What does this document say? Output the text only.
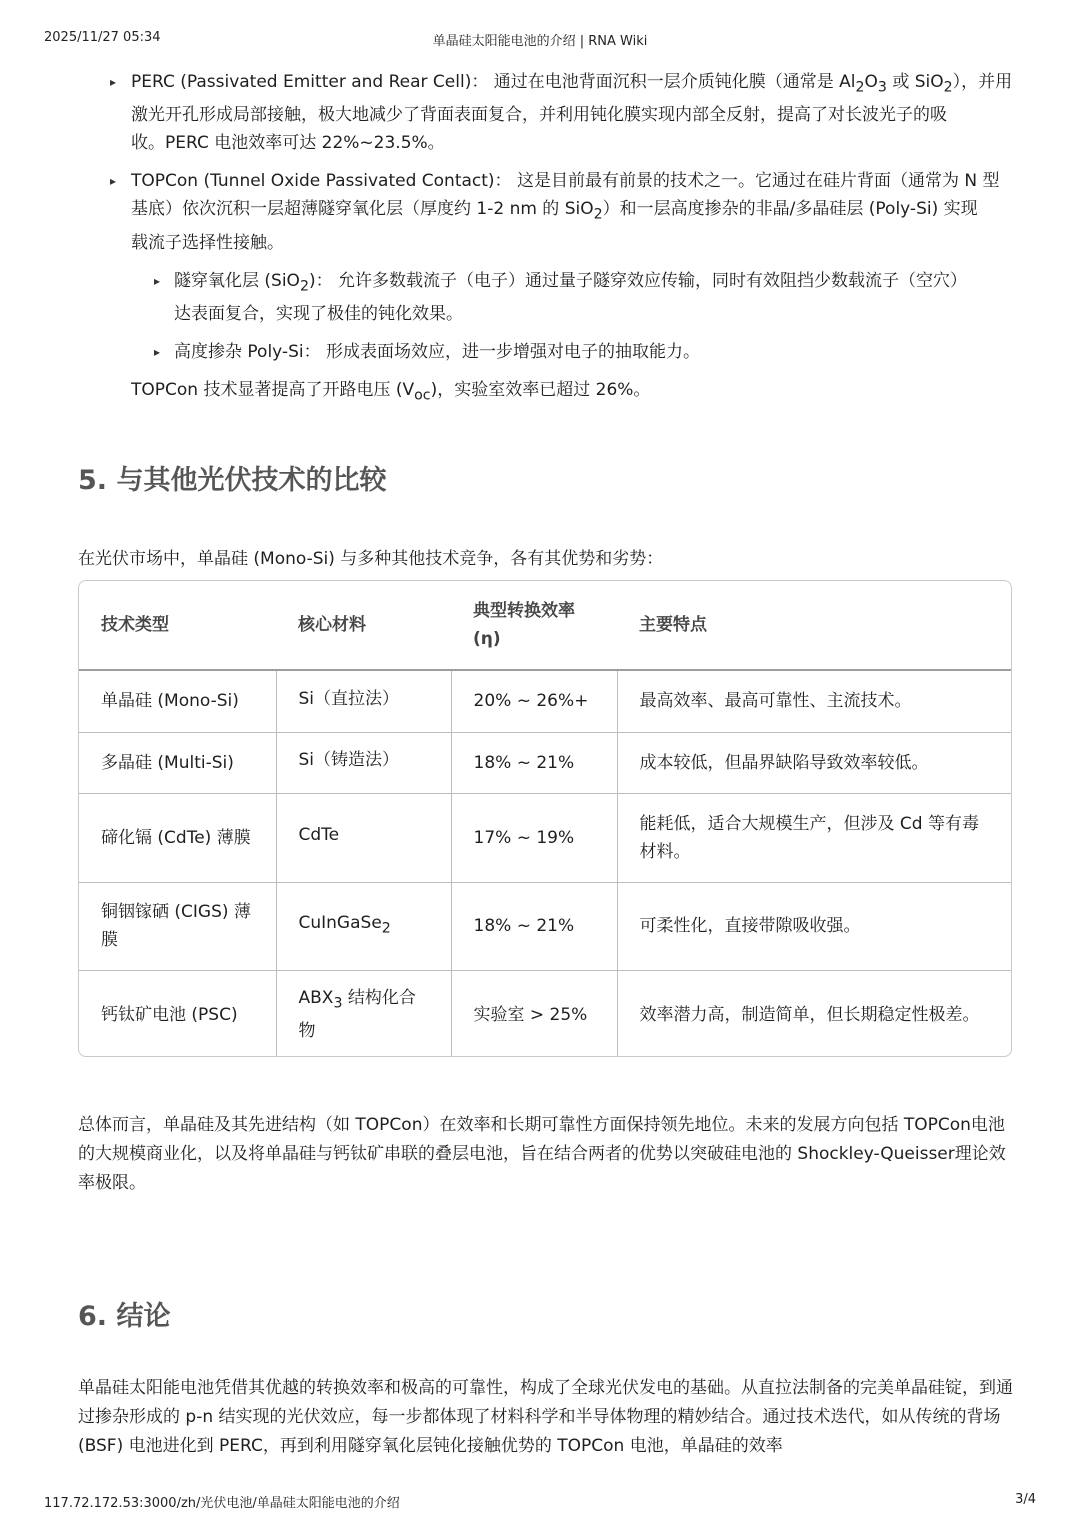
2025/11/27 05:34	单晶硅太阳能电池的介绍 | RNA Wiki
▸ PERC (Passivated Emitter and Rear Cell)： 通过在电池背面沉积一层介质钝化膜（通常是 $Al_2O_3$ 或 SiO$_2$），并用
激光开孔形成局部接触，极大地减少了背面表面复合，并利用钝化膜实现内部全反射，提高了对长波光子的吸
收。PERC 电池效率可达 22%~23.5%。
▸ TOPCon (Tunnel Oxide Passivated Contact)： 这是目前最有前景的技术之一。它通过在硅片背面（通常为 N 型
基底）依次沉积一层超薄隧穿氧化层（厚度约 1-2 nm 的 SiO$_2$）和一层高度掺杂的非晶/多晶硅层 (Poly-Si) 实现
载流子选择性接触。
▸ 隧穿氧化层 (SiO$_2$)： 允许多数载流子（电子）通过量子隧穿效应传输，同时有效阻挡少数载流子（空穴）
达表面复合，实现了极佳的钝化效果。
▸ 高度掺杂 Poly-Si： 形成表面场效应，进一步增强对电子的抽取能力。
TOPCon 技术显著提高了开路电压 $(V_{oc})$，实验室效率已超过 26%。
5. 与其他光伏技术的比较

在光伏市场中，单晶硅 (Mono-Si) 与多种其他技术竞争，各有其优势和劣势：

技术类型	核心材料	典型转换效率 (η)	主要特点
单晶硅 (Mono-Si)	Si（直拉法）	20% ~ 26%+	最高效率、最高可靠性、主流技术。
多晶硅 (Multi-Si)	Si（铸造法）	18% ~ 21%	成本较低，但晶界缺陷导致效率较低。
碲化镉 (CdTe) 薄膜	CdTe	17% ~ 19%	能耗低，适合大规模生产，但涉及 Cd 等有毒材料。
铜铟镓硒 (CIGS) 薄膜	CuInGaSe$_2$	18% ~ 21%	可柔性化，直接带隙吸收强。
钙钛矿电池 (PSC)	$ABX_3$ 结构化合物	实验室 > 25%	效率潜力高，制造简单，但长期稳定性极差。

总体而言，单晶硅及其先进结构（如 TOPCon）在效率和长期可靠性方面保持领先地位。未来的发展方向包括 TOPCon电池的大规模商业化，以及将单晶硅与钙钛矿串联的叠层电池，旨在结合两者的优势以突破硅电池的 Shockley-Queisser理论效率极限。

6. 结论

单晶硅太阳能电池凭借其优越的转换效率和极高的可靠性，构成了全球光伏发电的基础。从直拉法制备的完美单晶硅锭，到通过掺杂形成的 p-n 结实现的光伏效应，每一步都体现了材料科学和半导体物理的精妙结合。通过技术迭代，如从传统的背场 (BSF) 电池进化到 PERC，再到利用隧穿氧化层钝化接触优势的 TOPCon 电池，单晶硅的效率

117.72.172.53:3000/zh/光伏电池/单晶硅太阳能电池的介绍	3/4
